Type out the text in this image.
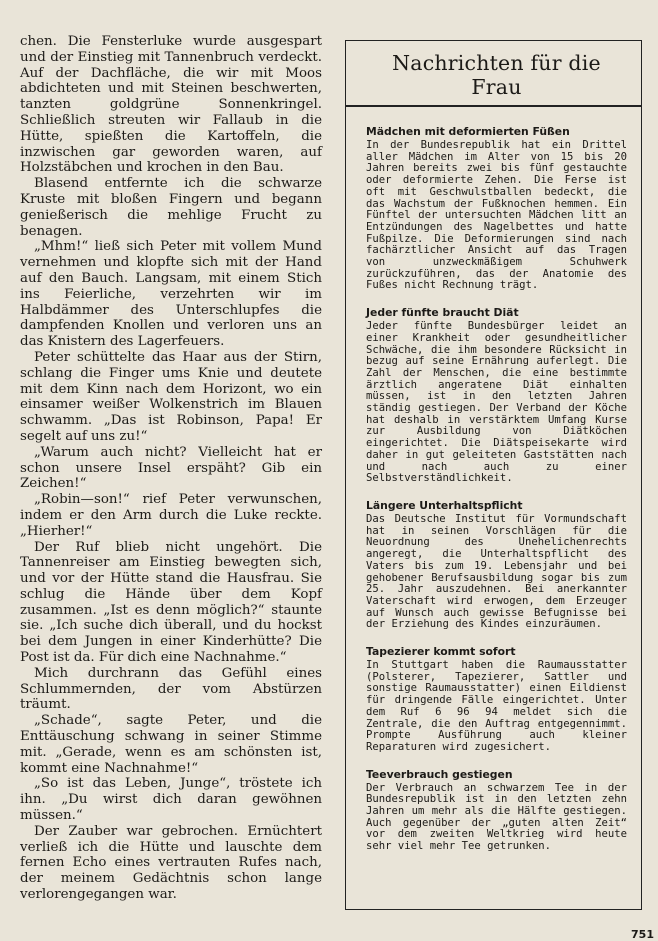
chen. Die Fensterluke wurde ausgespart und der Einstieg mit Tannenbruch verdeckt. Auf der Dachfläche, die wir mit Moos abdichteten und mit Steinen beschwerten, tanzten goldgrüne Sonnenkringel. Schließlich streuten wir Fallaub in die Hütte, spießten die Kartoffeln, die inzwischen gar geworden waren, auf Holzstäbchen und krochen in den Bau.

Blasend entfernte ich die schwarze Kruste mit bloßen Fingern und begann genießerisch die mehlige Frucht zu benagen.

„Mhm!“ ließ sich Peter mit vollem Mund vernehmen und klopfte sich mit der Hand auf den Bauch. Langsam, mit einem Stich ins Feierliche, verzehrten wir im Halbdämmer des Unterschlupfes die dampfenden Knollen und verloren uns an das Knistern des Lagerfeuers.

Peter schüttelte das Haar aus der Stirn, schlang die Finger ums Knie und deutete mit dem Kinn nach dem Horizont, wo ein einsamer weißer Wolkenstrich im Blauen schwamm. „Das ist Robinson, Papa! Er segelt auf uns zu!“

„Warum auch nicht? Vielleicht hat er schon unsere Insel erspäht? Gib ein Zeichen!“

„Robin—son!“ rief Peter verwunschen, indem er den Arm durch die Luke reckte. „Hierher!“

Der Ruf blieb nicht ungehört. Die Tannenreiser am Einstieg bewegten sich, und vor der Hütte stand die Hausfrau. Sie schlug die Hände über dem Kopf zusammen. „Ist es denn möglich?“ staunte sie. „Ich suche dich überall, und du hockst bei dem Jungen in einer Kinderhütte? Die Post ist da. Für dich eine Nachnahme.“

Mich durchrann das Gefühl eines Schlummernden, der vom Abstürzen träumt.

„Schade“, sagte Peter, und die Enttäuschung schwang in seiner Stimme mit. „Gerade, wenn es am schönsten ist, kommt eine Nachnahme!“

„So ist das Leben, Junge“, tröstete ich ihn. „Du wirst dich daran gewöhnen müssen.“

Der Zauber war gebrochen. Ernüchtert verließ ich die Hütte und lauschte dem fernen Echo eines vertrauten Rufes nach, der meinem Gedächtnis schon lange verlorengegangen war.

Nachrichten für die Frau
Mädchen mit deformierten Füßen

In der Bundesrepublik hat ein Drittel aller Mädchen im Alter von 15 bis 20 Jahren bereits zwei bis fünf gestauchte oder deformierte Zehen. Die Ferse ist oft mit Geschwulstballen bedeckt, die das Wachstum der Fußknochen hemmen. Ein Fünftel der untersuchten Mädchen litt an Entzündungen des Nagelbettes und hatte Fußpilze. Die Deformierungen sind nach fachärztlicher Ansicht auf das Tragen von unzweckmäßigem Schuhwerk zurückzuführen, das der Anatomie des Fußes nicht Rechnung trägt.

Jeder fünfte braucht Diät

Jeder fünfte Bundesbürger leidet an einer Krankheit oder gesundheitlicher Schwäche, die ihm besondere Rücksicht in bezug auf seine Ernährung auferlegt. Die Zahl der Menschen, die eine bestimmte ärztlich angeratene Diät einhalten müssen, ist in den letzten Jahren ständig gestiegen. Der Verband der Köche hat deshalb in verstärktem Umfang Kurse zur Ausbildung von Diätköchen eingerichtet. Die Diätspeisekarte wird daher in gut geleiteten Gaststätten nach und nach auch zu einer Selbstverständlichkeit.

Längere Unterhaltspflicht

Das Deutsche Institut für Vormundschaft hat in seinen Vorschlägen für die Neuordnung des Unehelichenrechts angeregt, die Unterhaltspflicht des Vaters bis zum 19. Lebensjahr und bei gehobener Berufsausbildung sogar bis zum 25. Jahr auszudehnen. Bei anerkannter Vaterschaft wird erwogen, dem Erzeuger auf Wunsch auch gewisse Befugnisse bei der Erziehung des Kindes einzuräumen.

Tapezierer kommt sofort

In Stuttgart haben die Raumausstatter (Polsterer, Tapezierer, Sattler und sonstige Raumausstatter) einen Eildienst für dringende Fälle eingerichtet. Unter dem Ruf 6 96 94 meldet sich die Zentrale, die den Auftrag entgegennimmt. Prompte Ausführung auch kleiner Reparaturen wird zugesichert.

Teeverbrauch gestiegen

Der Verbrauch an schwarzem Tee in der Bundesrepublik ist in den letzten zehn Jahren um mehr als die Hälfte gestiegen. Auch gegenüber der „guten alten Zeit“ vor dem zweiten Weltkrieg wird heute sehr viel mehr Tee getrunken.

751
